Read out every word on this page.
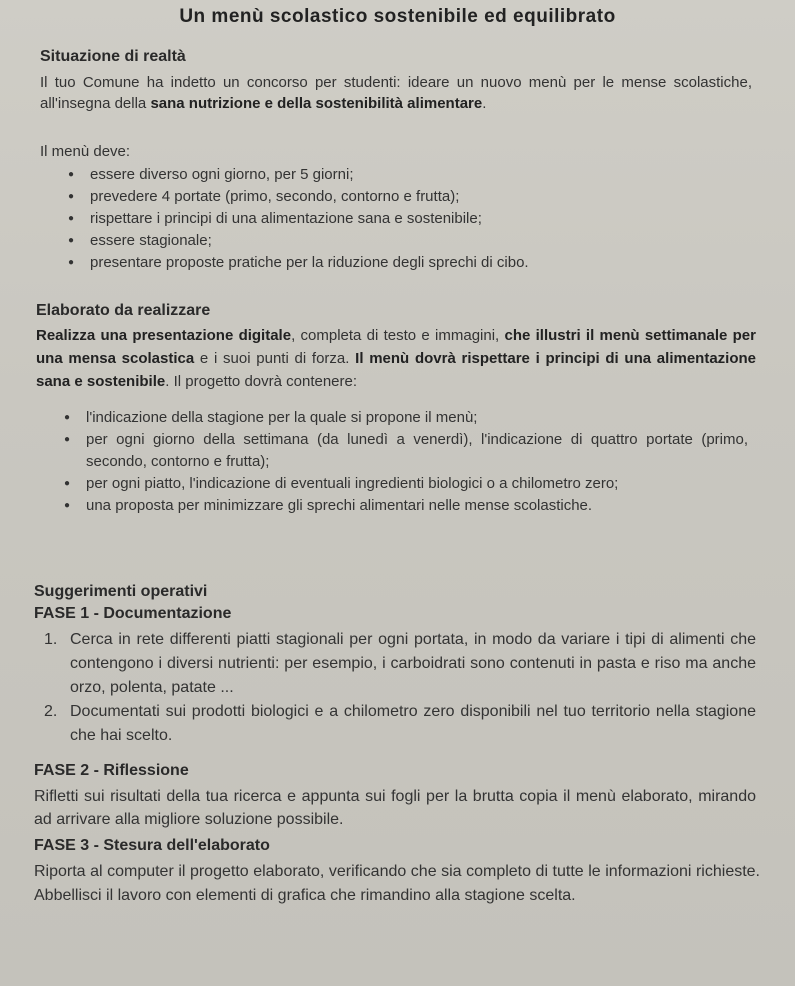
Un menù scolastico sostenibile ed equilibrato
Situazione di realtà
Il tuo Comune ha indetto un concorso per studenti: ideare un nuovo menù per le mense scolastiche, all'insegna della sana nutrizione e della sostenibilità alimentare.
Il menù deve:
● essere diverso ogni giorno, per 5 giorni;
● prevedere 4 portate (primo, secondo, contorno e frutta);
● rispettare i principi di una alimentazione sana e sostenibile;
● essere stagionale;
● presentare proposte pratiche per la riduzione degli sprechi di cibo.
Elaborato da realizzare
Realizza una presentazione digitale, completa di testo e immagini, che illustri il menù settimanale per una mensa scolastica e i suoi punti di forza. Il menù dovrà rispettare i principi di una alimentazione sana e sostenibile. Il progetto dovrà contenere:
● l'indicazione della stagione per la quale si propone il menù;
● per ogni giorno della settimana (da lunedì a venerdì), l'indicazione di quattro portate (primo, secondo, contorno e frutta);
● per ogni piatto, l'indicazione di eventuali ingredienti biologici o a chilometro zero;
● una proposta per minimizzare gli sprechi alimentari nelle mense scolastiche.
Suggerimenti operativi
FASE 1 - Documentazione
1. Cerca in rete differenti piatti stagionali per ogni portata, in modo da variare i tipi di alimenti che contengono i diversi nutrienti: per esempio, i carboidrati sono contenuti in pasta e riso ma anche orzo, polenta, patate ...
2. Documentati sui prodotti biologici e a chilometro zero disponibili nel tuo territorio nella stagione che hai scelto.
FASE 2 - Riflessione
Rifletti sui risultati della tua ricerca e appunta sui fogli per la brutta copia il menù elaborato, mirando ad arrivare alla migliore soluzione possibile.
FASE 3 - Stesura dell'elaborato
Riporta al computer il progetto elaborato, verificando che sia completo di tutte le informazioni richieste. Abbellisci il lavoro con elementi di grafica che rimandino alla stagione scelta.
